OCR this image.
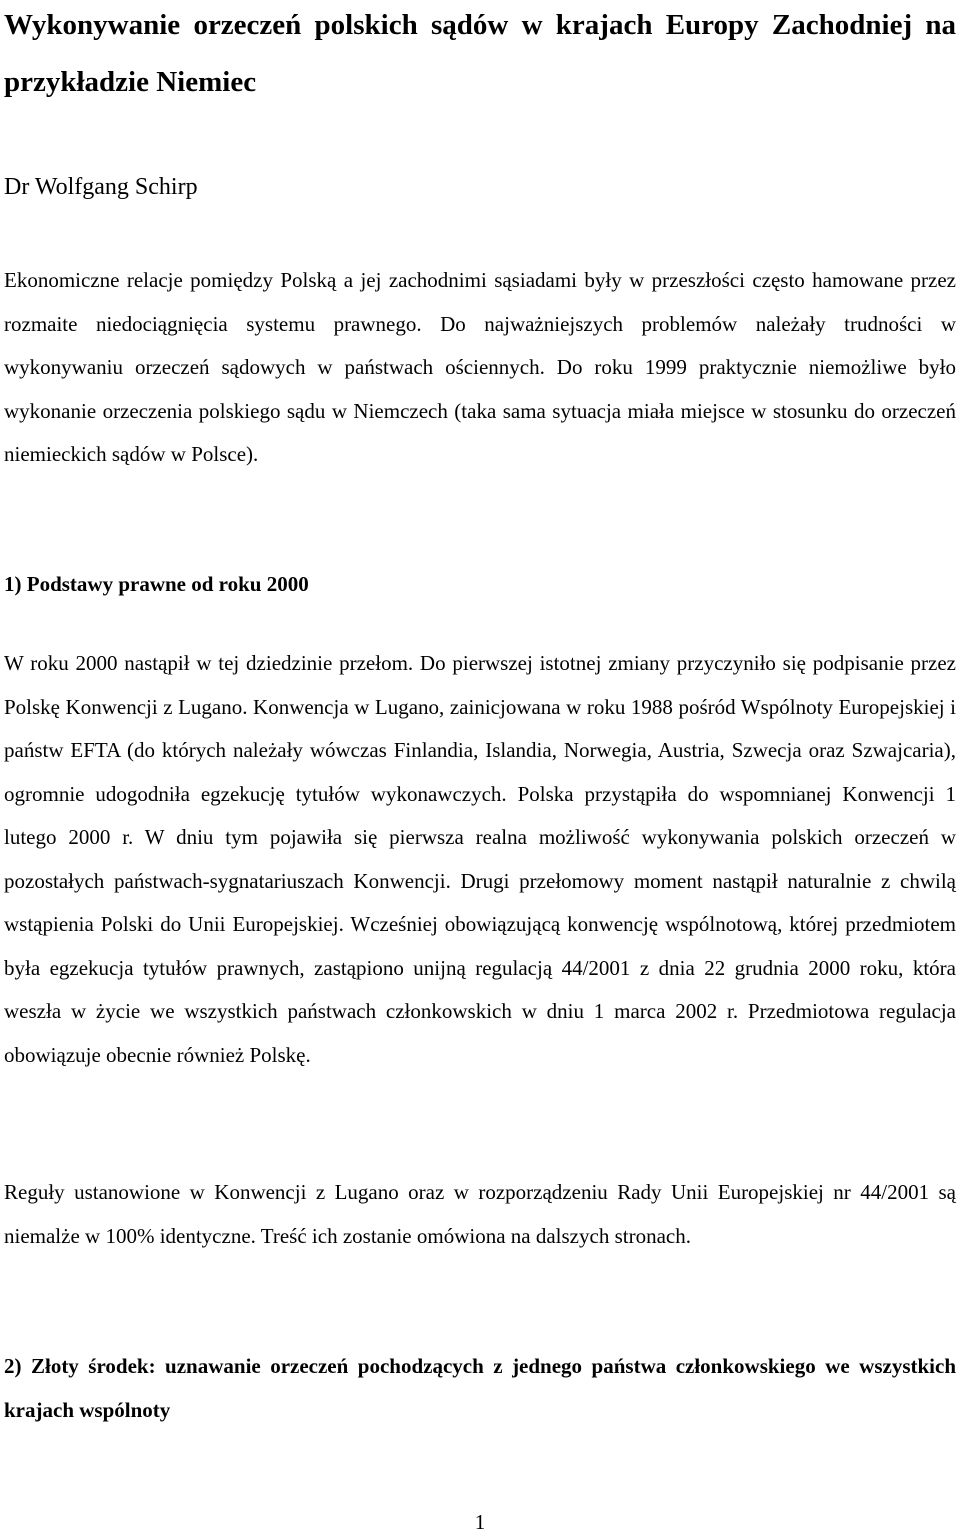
Wykonywanie orzeczeń polskich sądów w krajach Europy Zachodniej na przykładzie Niemiec
Dr Wolfgang Schirp

Ekonomiczne relacje pomiędzy Polską a jej zachodnimi sąsiadami były w przeszłości często hamowane przez rozmaite niedociągnięcia systemu prawnego. Do najważniejszych problemów należały trudności w wykonywaniu orzeczeń sądowych w państwach ościennych. Do roku 1999 praktycznie niemożliwe było wykonanie orzeczenia polskiego sądu w Niemczech (taka sama sytuacja miała miejsce w stosunku do orzeczeń niemieckich sądów w Polsce).

1) Podstawy prawne od roku 2000

W roku 2000 nastąpił w tej dziedzinie przełom. Do pierwszej istotnej zmiany przyczyniło się podpisanie przez Polskę Konwencji z Lugano. Konwencja w Lugano, zainicjowana w roku 1988 pośród Wspólnoty Europejskiej i państw EFTA (do których należały wówczas Finlandia, Islandia, Norwegia, Austria, Szwecja oraz Szwajcaria), ogromnie udogodniła egzekucję tytułów wykonawczych. Polska przystąpiła do wspomnianej Konwencji 1 lutego 2000 r. W dniu tym pojawiła się pierwsza realna możliwość wykonywania polskich orzeczeń w pozostałych państwach-sygnatariuszach Konwencji. Drugi przełomowy moment nastąpił naturalnie z chwilą wstąpienia Polski do Unii Europejskiej. Wcześniej obowiązującą konwencję wspólnotową, której przedmiotem była egzekucja tytułów prawnych, zastąpiono unijną regulacją 44/2001 z dnia 22 grudnia 2000 roku, która weszła w życie we wszystkich państwach członkowskich w dniu 1 marca 2002 r. Przedmiotowa regulacja obowiązuje obecnie również Polskę.

Reguły ustanowione w Konwencji z Lugano oraz w rozporządzeniu Rady Unii Europejskiej nr 44/2001 są niemalże w 100% identyczne. Treść ich zostanie omówiona na dalszych stronach.

2) Złoty środek: uznawanie orzeczeń pochodzących z jednego państwa członkowskiego we wszystkich krajach wspólnoty
1
